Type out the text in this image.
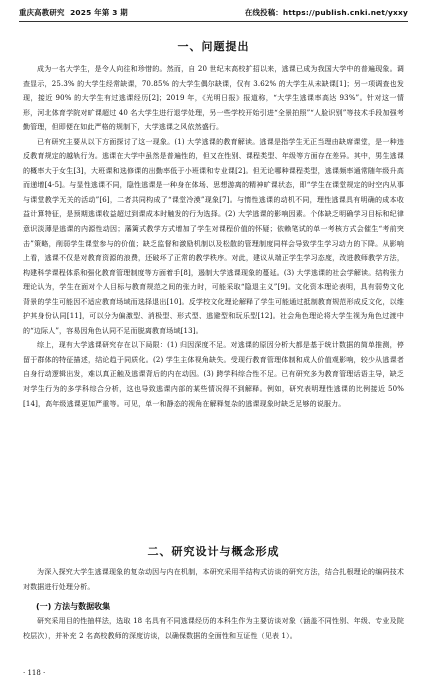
重庆高教研究 2025 年第 3 期	在线投稿：https://publish.cnki.net/yxxy
一、问题提出

成为一名大学生，是令人向往和珍惜的。然而，自 20 世纪末高校扩招以来，逃课已成为我国大学中的普遍现象。调查显示，25.3% 的大学生经常缺课，70.85% 的大学生偶尔缺课，仅有 3.62% 的大学生从未缺课[1]；另一项调查也发现，接近 90% 的大学生有过逃课经历[2]；2019 年，《光明日报》报道称，“大学生逃课率高达 93%”。针对这一情形，河北体育学院对旷课超过 40 名大学生进行退学处理，另一些学校开始引进“全景拍照”“人脸识别”等技术手段加强考勤管理，但即便在如此严格的规制下，大学逃课之风依然盛行。

已有研究主要从以下方面探讨了这一现象。(1) 大学逃课的教育解读。逃课是指学生无正当理由缺席课堂，是一种违反教育规定的越轨行为。逃课在大学中虽然是普遍性的，但又在性别、课程类型、年级等方面存在差异。其中，男生逃课的概率大于女生[3]，大班课和选修课的出勤率低于小班课和专业课[2]。但无论哪种课程类型，逃课频率通常随年级升高而递增[4-5]。与显性逃课不同，隐性逃课是一种身在体场、思想游离的精神旷课状态，即“学生在课堂规定的时空内从事与课堂教学无关的活动”[6]，二者共同构成了“课堂冷漠”现象[7]。与惰性逃课的动机不同，理性逃课具有明确的成本收益计算特征，是预期逃课收益超过到课成本时触发的行为选择。(2) 大学逃课的影响因素。个体缺乏明确学习目标和纪律意识淡薄是逃课的内源性动因；藩篱式教学方式增加了学生对课程价值的怀疑；依赖笔试的单一考核方式会催生“考前突击”策略，削弱学生课堂参与的价值；缺乏监督和激励机制以及松散的管理制度同样会导致学生学习动力的下降。从影响上看，逃课不仅是对教育资源的浪费，还破坏了正常的教学秩序。对此，建议从端正学生学习态度，改进教师教学方法，构建科学课程体系和强化教育管理制度等方面着手[8]，遏制大学逃课现象的蔓延。(3) 大学逃课的社会学解读。结构张力理论认为，学生在面对个人目标与教育规范之间的张力时，可能采取“隐退主义”[9]。文化资本理论表明，具有弱势文化背景的学生可能因不适应教育场域而选择退出[10]。反学校文化理论解释了学生可能通过抵制教育规范形成反文化，以维护其身份认同[11]，可以分为偏激型、消极型、形式型、逃避型和玩乐型[12]。社会角色理论将大学生视为角色过渡中的“边际人”，容易因角色认同不足而脱离教育场域[13]。

综上，现有大学逃课研究存在以下局限：(1) 归因深度不足。对逃课的原因分析大都是基于统计数据的简单推测，停留于群体的特征描述，结论趋于同质化。(2) 学生主体视角缺失。受现行教育管理体制和成人价值观影响，较少从逃课者自身行动逻辑出发，难以真正触及逃课背后的内在动因。(3) 跨学科综合性不足。已有研究多为教育管理话语主导，缺乏对学生行为的多学科综合分析，这也导致逃课内部的某些情况得不到解释。例如，研究表明理性逃课的比例接近 50%[14]，高年级逃课更加严重等。可见，单一和静态的视角在解释复杂的逃课现象时缺乏足够的说服力。

二、研究设计与概念形成

为深入探究大学生逃课现象的复杂动因与内在机制，本研究采用半结构式访谈的研究方法，结合扎根理论的编码技术对数据进行处理分析。

(一) 方法与数据收集

研究采用目的性抽样法，选取 18 名具有不同逃课经历的本科生作为主要访谈对象（涵盖不同性别、年级、专业及院校层次），并补充 2 名高校教师的深度访谈，以确保数据的全面性和互证性（见表 1）。

· 118 ·
